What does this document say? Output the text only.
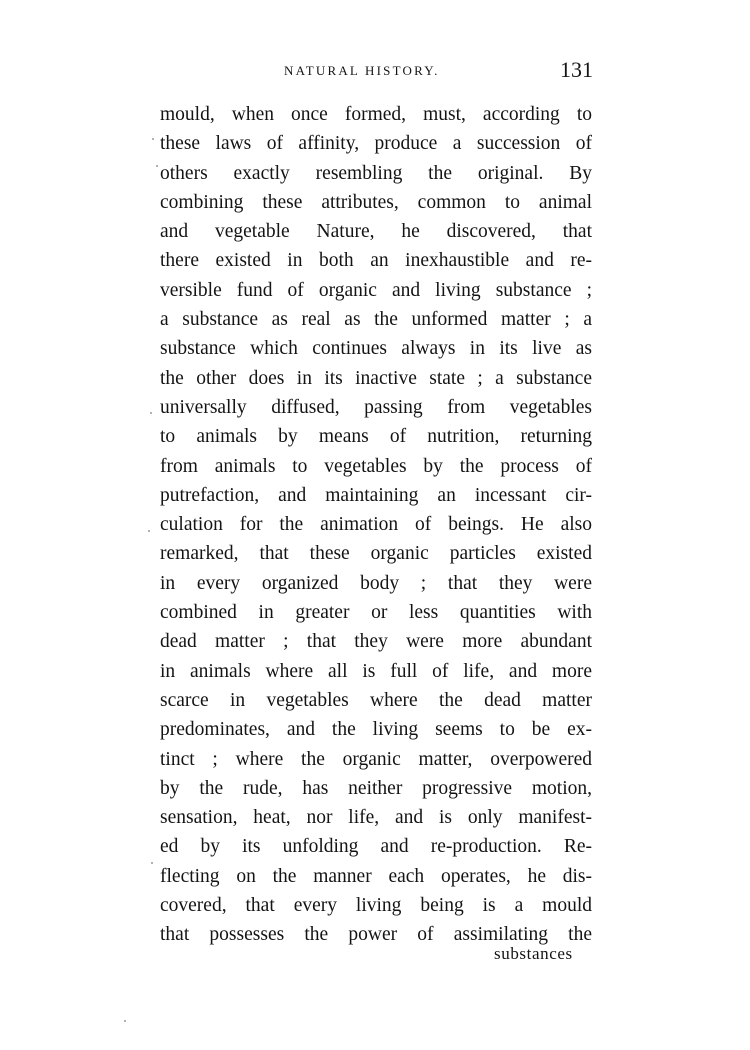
NATURAL HISTORY.	131
mould, when once formed, must, according to
these laws of affinity, produce a succession of
others exactly resembling the original. By
combining these attributes, common to animal
and vegetable Nature, he discovered, that
there existed in both an inexhaustible and re-
versible fund of organic and living substance ;
a substance as real as the unformed matter ; a
substance which continues always in its live as
the other does in its inactive state ; a substance
universally diffused, passing from vegetables
to animals by means of nutrition, returning
from animals to vegetables by the process of
putrefaction, and maintaining an incessant cir-
culation for the animation of beings. He also
remarked, that these organic particles existed
in every organized body ; that they were
combined in greater or less quantities with
dead matter ; that they were more abundant
in animals where all is full of life, and more
scarce in vegetables where the dead matter
predominates, and the living seems to be ex-
tinct ; where the organic matter, overpowered
by the rude, has neither progressive motion,
sensation, heat, nor life, and is only manifest-
ed by its unfolding and re-production. Re-
flecting on the manner each operates, he dis-
covered, that every living being is a mould
that possesses the power of assimilating the
substances
